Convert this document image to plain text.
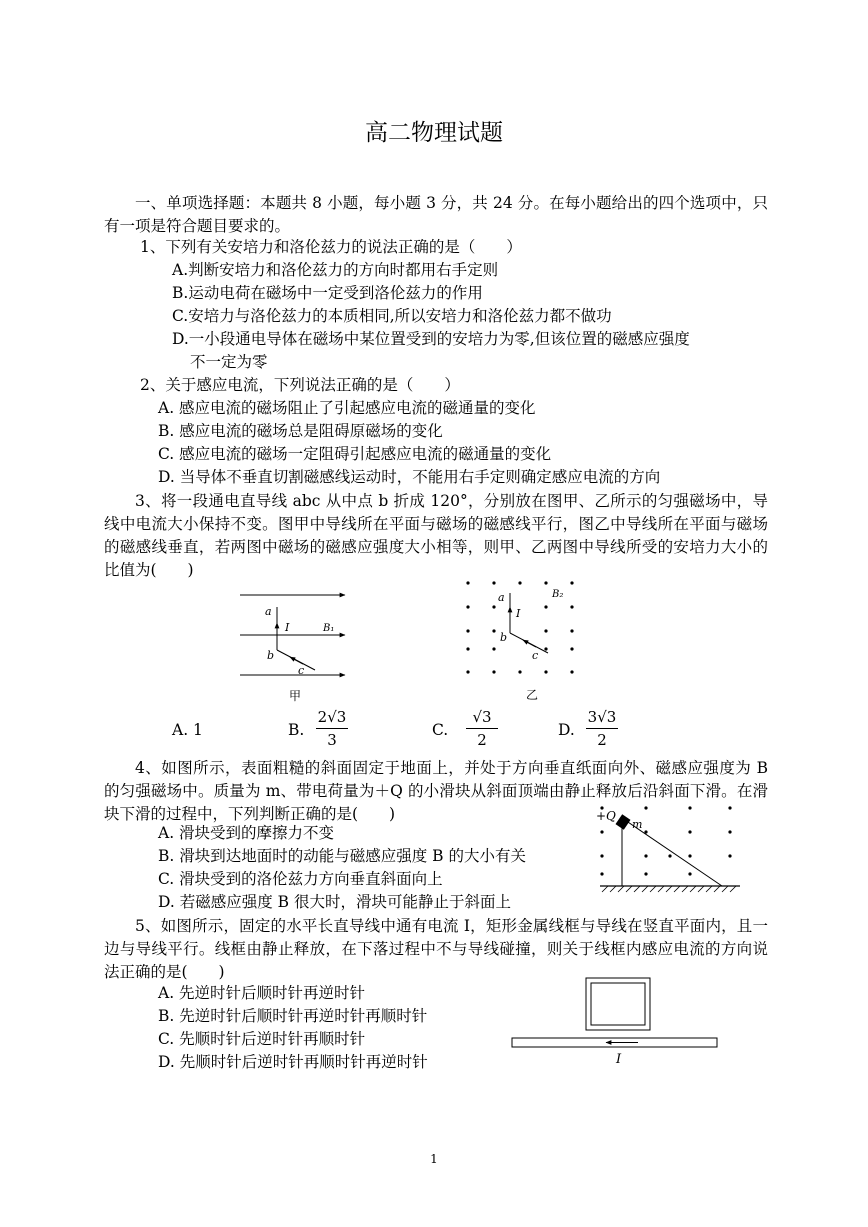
高二物理试题
一、单项选择题：本题共 8 小题，每小题 3 分，共 24 分。在每小题给出的四个选项中，只有一项是符合题目要求的。
1、下列有关安培力和洛伦兹力的说法正确的是（　　）
A.判断安培力和洛伦兹力的方向时都用右手定则
B.运动电荷在磁场中一定受到洛伦兹力的作用
C.安培力与洛伦兹力的本质相同,所以安培力和洛伦兹力都不做功
D.一小段通电导体在磁场中某位置受到的安培力为零,但该位置的磁感应强度
不一定为零
2、关于感应电流，下列说法正确的是（　　）
A. 感应电流的磁场阻止了引起感应电流的磁通量的变化
B. 感应电流的磁场总是阻碍原磁场的变化
C. 感应电流的磁场一定阻碍引起感应电流的磁通量的变化
D. 当导体不垂直切割磁感线运动时，不能用右手定则确定感应电流的方向
3、将一段通电直导线 abc 从中点 b 折成 120°，分别放在图甲、乙所示的匀强磁场中，导线中电流大小保持不变。图甲中导线所在平面与磁场的磁感线平行，图乙中导线所在平面与磁场的磁感线垂直，若两图中磁场的磁感应强度大小相等，则甲、乙两图中导线所受的安培力大小的比值为(　　)
a
I	B₁
b
c
甲
a
I
B₂
b
c
乙
A. 1	B.
2√3
3
C.
√3
2
D.
3√3
2
4、如图所示，表面粗糙的斜面固定于地面上，并处于方向垂直纸面向外、磁感应强度为 B 的匀强磁场中。质量为 m、带电荷量为＋Q 的小滑块从斜面顶端由静止释放后沿斜面下滑。在滑块下滑的过程中，下列判断正确的是(　　)
A. 滑块受到的摩擦力不变
B. 滑块到达地面时的动能与磁感应强度 B 的大小有关
C. 滑块受到的洛伦兹力方向垂直斜面向上
D. 若磁感应强度 B 很大时，滑块可能静止于斜面上
+Q
m
5、如图所示，固定的水平长直导线中通有电流 I，矩形金属线框与导线在竖直平面内，且一边与导线平行。线框由静止释放，在下落过程中不与导线碰撞，则关于线框内感应电流的方向说法正确的是(　　)
A. 先逆时针后顺时针再逆时针
B. 先逆时针后顺时针再逆时针再顺时针
C. 先顺时针后逆时针再顺时针
D. 先顺时针后逆时针再顺时针再逆时针	I
1
